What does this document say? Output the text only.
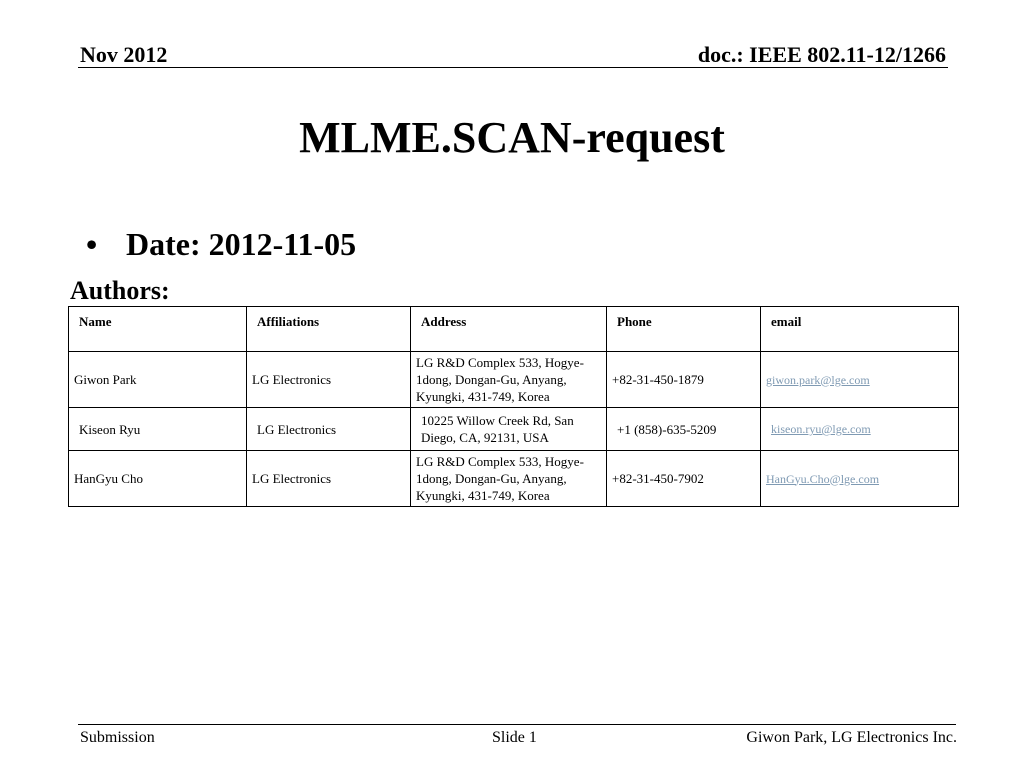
Nov 2012	doc.: IEEE 802.11-12/1266
MLME.SCAN-request
• Date: 2012-11-05
Authors:
Name	Affiliations	Address	Phone	email
Giwon Park	LG Electronics	LG R&D Complex 533, Hogye-1dong, Dongan-Gu, Anyang, Kyungki, 431-749, Korea	+82-31-450-1879	giwon.park@lge.com
Kiseon Ryu	LG Electronics	10225 Willow Creek Rd, San Diego, CA, 92131, USA	+1 (858)-635-5209	kiseon.ryu@lge.com
HanGyu Cho	LG Electronics	LG R&D Complex 533, Hogye-1dong, Dongan-Gu, Anyang, Kyungki, 431-749, Korea	+82-31-450-7902	HanGyu.Cho@lge.com
Submission	Slide 1	Giwon Park, LG Electronics Inc.
